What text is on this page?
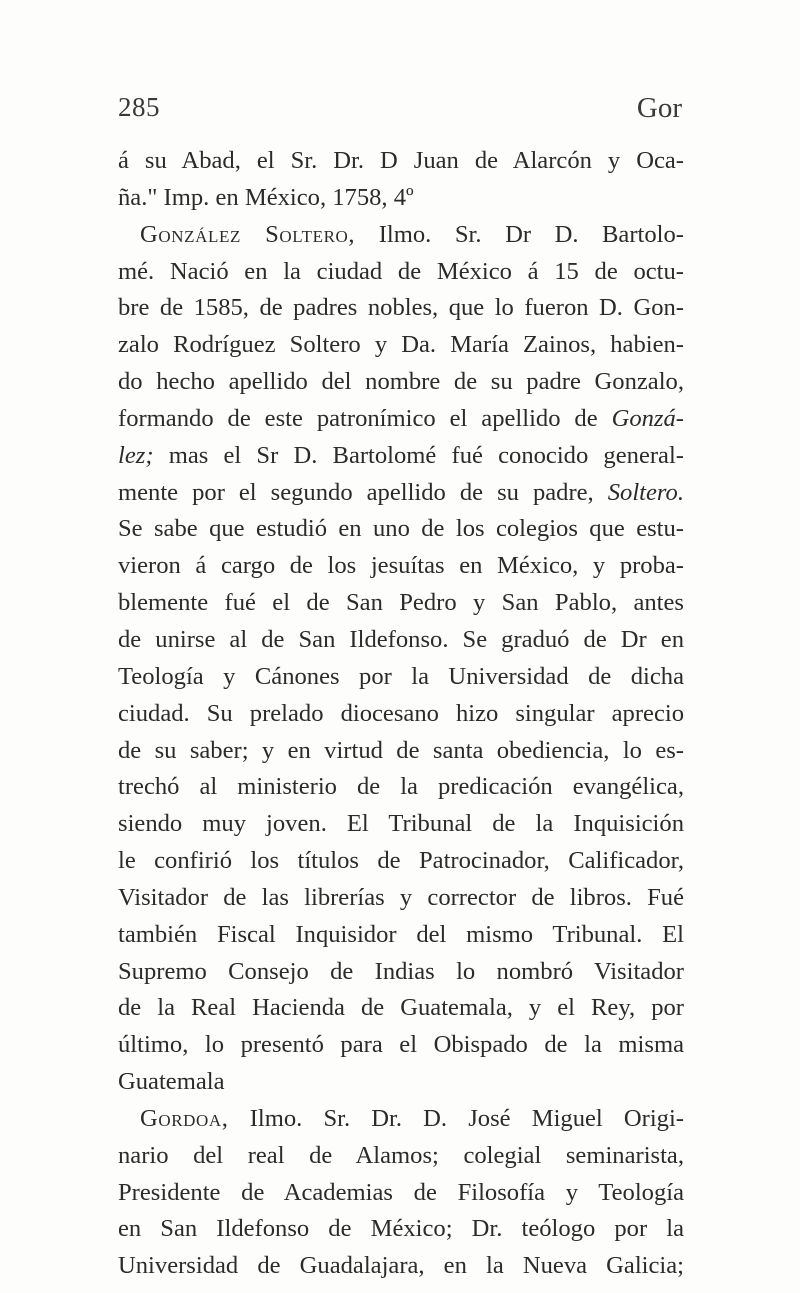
285	Gor
á su Abad, el Sr. Dr. D Juan de Alarcón y Oca-
ña." Imp. en México, 1758, 4º
González Soltero, Ilmo. Sr. Dr D. Bartolo-
mé. Nació en la ciudad de México á 15 de octu-
bre de 1585, de padres nobles, que lo fueron D. Gon-
zalo Rodríguez Soltero y Da. María Zainos, habien-
do hecho apellido del nombre de su padre Gonzalo,
formando de este patronímico el apellido de Gonzá-
lez; mas el Sr D. Bartolomé fué conocido general-
mente por el segundo apellido de su padre, Soltero.
Se sabe que estudió en uno de los colegios que estu-
vieron á cargo de los jesuítas en México, y proba-
blemente fué el de San Pedro y San Pablo, antes
de unirse al de San Ildefonso. Se graduó de Dr en
Teología y Cánones por la Universidad de dicha
ciudad. Su prelado diocesano hizo singular aprecio
de su saber; y en virtud de santa obediencia, lo es-
trechó al ministerio de la predicación evangélica,
siendo muy joven. El Tribunal de la Inquisición
le confirió los títulos de Patrocinador, Calificador,
Visitador de las librerías y corrector de libros. Fué
también Fiscal Inquisidor del mismo Tribunal. El
Supremo Consejo de Indias lo nombró Visitador
de la Real Hacienda de Guatemala, y el Rey, por
último, lo presentó para el Obispado de la misma
Guatemala
Gordoa, Ilmo. Sr. Dr. D. José Miguel Origi-
nario del real de Alamos; colegial seminarista,
Presidente de Academias de Filosofía y Teología
en San Ildefonso de México; Dr. teólogo por la
Universidad de Guadalajara, en la Nueva Galicia;
